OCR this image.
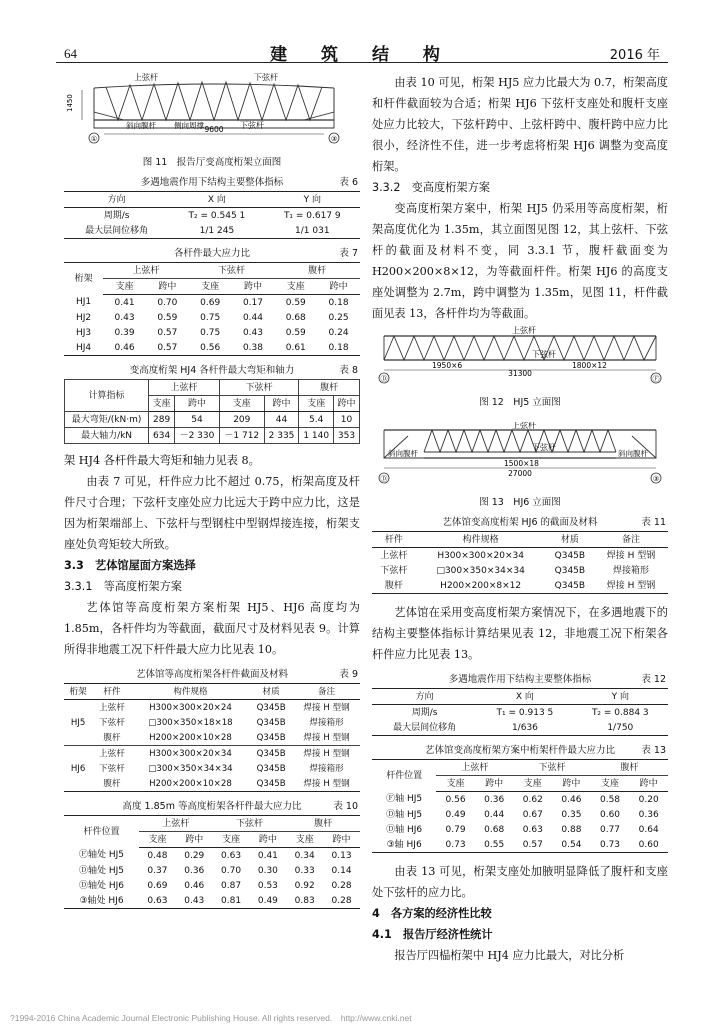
64	建 筑 结 构	2016 年
①	③
上弦杆	下弦杆
下弦杆
斜向腹杆 侧向周撑 9600
1450
图 11　报告厅变高度桁架立面图
多遇地震作用下结构主要整体指标	表 6
方向	X 向	Y 向
周期/s	T₂ = 0.545 1	T₁ = 0.617 9
最大层间位移角	1/1 245	1/1 031
各杆件最大应力比	表 7
桁架	上弦杆		下弦杆		腹杆	
	支座	跨中	支座	跨中	支座	跨中
HJ1	0.41	0.70	0.69	0.17	0.59	0.18
HJ2	0.43	0.59	0.75	0.44	0.68	0.25
HJ3	0.39	0.57	0.75	0.43	0.59	0.24
HJ4	0.46	0.57	0.56	0.38	0.61	0.18
变高度桁架 HJ4 各杆件最大弯矩和轴力	表 8
计算指标	上弦杆		下弦杆		腹杆	
	支座	跨中	支座	跨中	支座	跨中
最大弯矩/(kN·m)	289	54	209	44	5.4	10
最大轴力/kN	634	－2 330	－1 712	2 335	1 140	353

架 HJ4 各杆件最大弯矩和轴力见表 8。

由表 7 可见，杆件应力比不超过 0.75，桁架高度及杆件尺寸合理；下弦杆支座处应力比远大于跨中应力比，这是因为桁架端部上、下弦杆与型钢柱中型钢焊接连接，桁架支座处负弯矩较大所致。

3.3　艺体馆屋面方案选择

3.3.1　等高度桁架方案

艺体馆等高度桁架方案桁架 HJ5、HJ6 高度均为 1.85m，各杆件均为等截面，截面尺寸及材料见表 9。计算所得非地震工况下杆件最大应力比见表 10。

艺体馆等高度桁架各杆件截面及材料	表 9
桁架	杆件	构件规格	材质	备注
HJ5	上弦杆	H300×300×20×24	Q345B	焊接 H 型钢
	下弦杆	□300×350×18×18	Q345B	焊接箱形
	腹杆	H200×200×10×28	Q345B	焊接 H 型钢
HJ6	上弦杆	H300×300×20×34	Q345B	焊接 H 型钢
	下弦杆	□300×350×34×34	Q345B	焊接箱形
	腹杆	H200×200×10×28	Q345B	焊接 H 型钢
高度 1.85m 等高度桁架各杆件最大应力比	表 10
杆件位置	上弦杆		下弦杆		腹杆	
	支座	跨中	支座	跨中	支座	跨中
Ⓕ轴处 HJ5	0.48	0.29	0.63	0.41	0.34	0.13
Ⓓ轴处 HJ5	0.37	0.36	0.70	0.30	0.33	0.14
Ⓓ轴处 HJ6	0.69	0.46	0.87	0.53	0.92	0.28
③轴处 HJ6	0.63	0.43	0.81	0.49	0.83	0.28

由表 10 可见，桁架 HJ5 应力比最大为 0.7，桁架高度和杆件截面较为合适；桁架 HJ6 下弦杆支座处和腹杆支座处应力比较大，下弦杆跨中、上弦杆跨中、腹杆跨中应力比很小，经济性不佳，进一步考虑将桁架 HJ6 调整为变高度桁架。

3.3.2　变高度桁架方案

变高度桁架方案中，桁架 HJ5 仍采用等高度桁架，桁架高度优化为 1.35m，其立面图见图 12，其上弦杆、下弦杆的截面及材料不变，同 3.3.1 节，腹杆截面变为 H200×200×8×12，为等截面杆件。桁架 HJ6 的高度支座处调整为 2.7m，跨中调整为 1.35m，见图 11，杆件截面见表 13，各杆件均为等截面。

Ⓓ	Ⓕ
上弦杆
下弦杆
1950×6	1800×12
31300
图 12　HJ5 立面图
Ⓓ	③
上弦杆
下弦杆
斜向腹杆	斜向腹杆
1500×18
27000
图 13　HJ6 立面图
艺体馆变高度桁架 HJ6 的截面及材料	表 11
杆件	构件规格	材质	备注
上弦杆	H300×300×20×34	Q345B	焊接 H 型钢
下弦杆	□300×350×34×34	Q345B	焊接箱形
腹杆	H200×200×8×12	Q345B	焊接 H 型钢

艺体馆在采用变高度桁架方案情况下，在多遇地震下的结构主要整体指标计算结果见表 12，非地震工况下桁架各杆件应力比见表 13。

多遇地震作用下结构主要整体指标	表 12
方向	X 向	Y 向
周期/s	T₁ = 0.913 5	T₂ = 0.884 3
最大层间位移角	1/636	1/750
艺体馆变高度桁架方案中桁架杆件最大应力比	表 13
杆件位置	上弦杆		下弦杆		腹杆	
	支座	跨中	支座	跨中	支座	跨中
Ⓕ轴 HJ5	0.56	0.36	0.62	0.46	0.58	0.20
Ⓓ轴 HJ5	0.49	0.44	0.67	0.35	0.60	0.36
Ⓓ轴 HJ6	0.79	0.68	0.63	0.88	0.77	0.64
③轴 HJ6	0.73	0.55	0.57	0.54	0.73	0.60

由表 13 可见，桁架支座处加腋明显降低了腹杆和支座处下弦杆的应力比。

4　各方案的经济性比较

4.1　报告厅经济性统计

报告厅四榀桁架中 HJ4 应力比最大，对比分析

?1994-2016 China Academic Journal Electronic Publishing House. All rights reserved.　http://www.cnki.net
